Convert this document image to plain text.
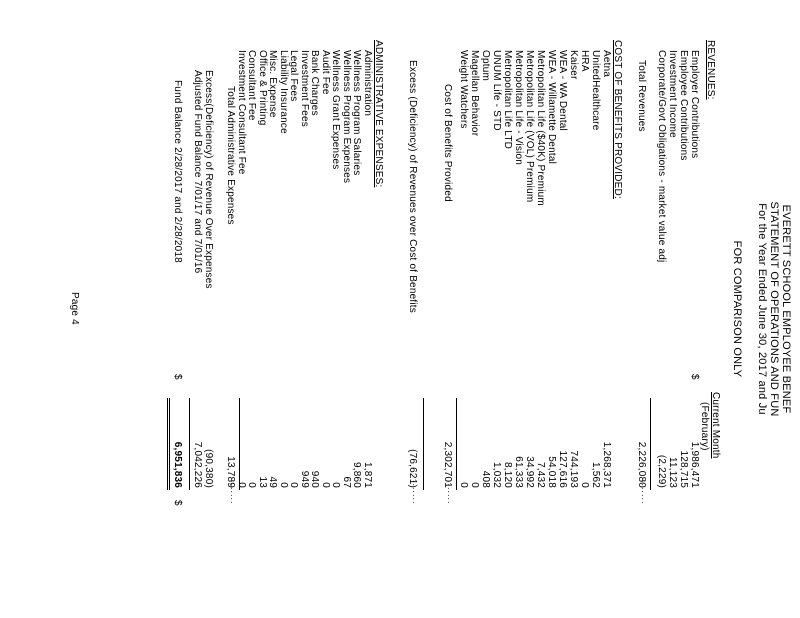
EVERETT SCHOOL EMPLOYEE BENEF
STATEMENT OF OPERATIONS AND FUN
For the Year Ended June 30, 2017 and Ju
FOR COMPARISON ONLY
Current Month
(February)
REVENUES:
Employer Contributions
$
1,986,471
Employee Contributions
128,715
Investment Income
11,123
Corporate/Govt Obligations - market value adj
(2,229)
Total Revenues
2,226,080
.......
COST OF BENEFITS PROVIDED:
Aetna
1,268,371
UnitedHealthcare
1,562
HRA
0
Kaiser
744,193
WEA - WA Dental
127,616
WEA - Willamette Dental
54,018
Metropolitan Life ($40K) Premium
7,432
Metropolitan Life (VOL) Premium
34,992
Metropolitan Life - Vision
61,333
Metropolitan Life LTD
8,120
UNUM Life - STD
1,032
Optum
408
Magellan Behavior
0
Weight Watchers
0
Cost of Benefits Provided
2,302,701
.......
Excess (Deficiency) of Revenues over Cost of Benefits
(76,621)
.......
ADMINISTRATIVE EXPENSES:
Administration
1,871
Wellness Program Salaries
9,860
Wellness Program Expenses
67
Wellness Grant Expenses
0
Audit Fee
0
Bank Charges
940
Investment Fees
949
Legal Fees
0
Liability Insurance
0
Misc. Expense
49
Office & Printing
13
Consultant Fee
0
Investment Consultant Fee
0
Total Administrative Expenses
13,789
.......
Excess(Deficiency) of Revenue Over Expenses
(90,380)
Adjusted Fund Balance 7/01/17 and 7/01/16
7,042,226
Fund Balance 2/28/2017 and 2/28/2018
$
6,951,836
$
Page 4
